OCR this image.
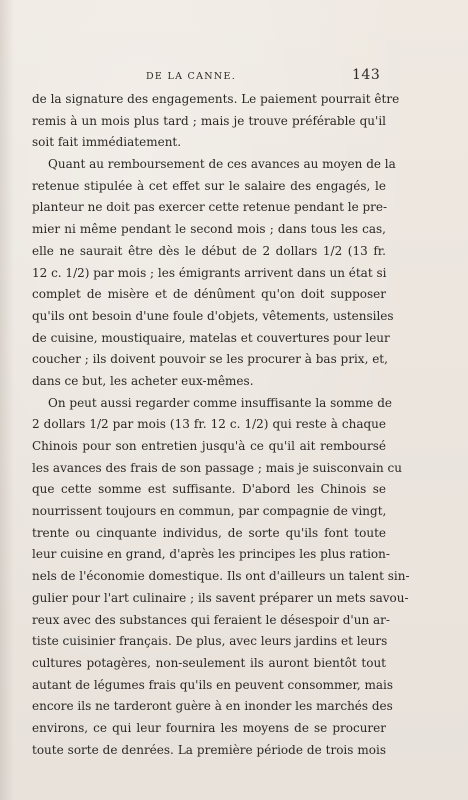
DE LA CANNE.	143
de la signature des engagements. Le paiement pourrait être
remis à un mois plus tard ; mais je trouve préférable qu'il
soit fait immédiatement.
Quant au remboursement de ces avances au moyen de la
retenue stipulée à cet effet sur le salaire des engagés, le
planteur ne doit pas exercer cette retenue pendant le pre-
mier ni même pendant le second mois ; dans tous les cas,
elle ne saurait être dès le début de 2 dollars 1/2 (13 fr.
12 c. 1/2) par mois ; les émigrants arrivent dans un état si
complet de misère et de dénûment qu'on doit supposer
qu'ils ont besoin d'une foule d'objets, vêtements, ustensiles
de cuisine, moustiquaire, matelas et couvertures pour leur
coucher ; ils doivent pouvoir se les procurer à bas prix, et,
dans ce but, les acheter eux-mêmes.
On peut aussi regarder comme insuffisante la somme de
2 dollars 1/2 par mois (13 fr. 12 c. 1/2) qui reste à chaque
Chinois pour son entretien jusqu'à ce qu'il ait remboursé
les avances des frais de son passage ; mais je suisconvain cu
que cette somme est suffisante. D'abord les Chinois se
nourrissent toujours en commun, par compagnie de vingt,
trente ou cinquante individus, de sorte qu'ils font toute
leur cuisine en grand, d'après les principes les plus ration-
nels de l'économie domestique. Ils ont d'ailleurs un talent sin-
gulier pour l'art culinaire ; ils savent préparer un mets savou-
reux avec des substances qui feraient le désespoir d'un ar-
tiste cuisinier français. De plus, avec leurs jardins et leurs
cultures potagères, non-seulement ils auront bientôt tout
autant de légumes frais qu'ils en peuvent consommer, mais
encore ils ne tarderont guère à en inonder les marchés des
environs, ce qui leur fournira les moyens de se procurer
toute sorte de denrées. La première période de trois mois
